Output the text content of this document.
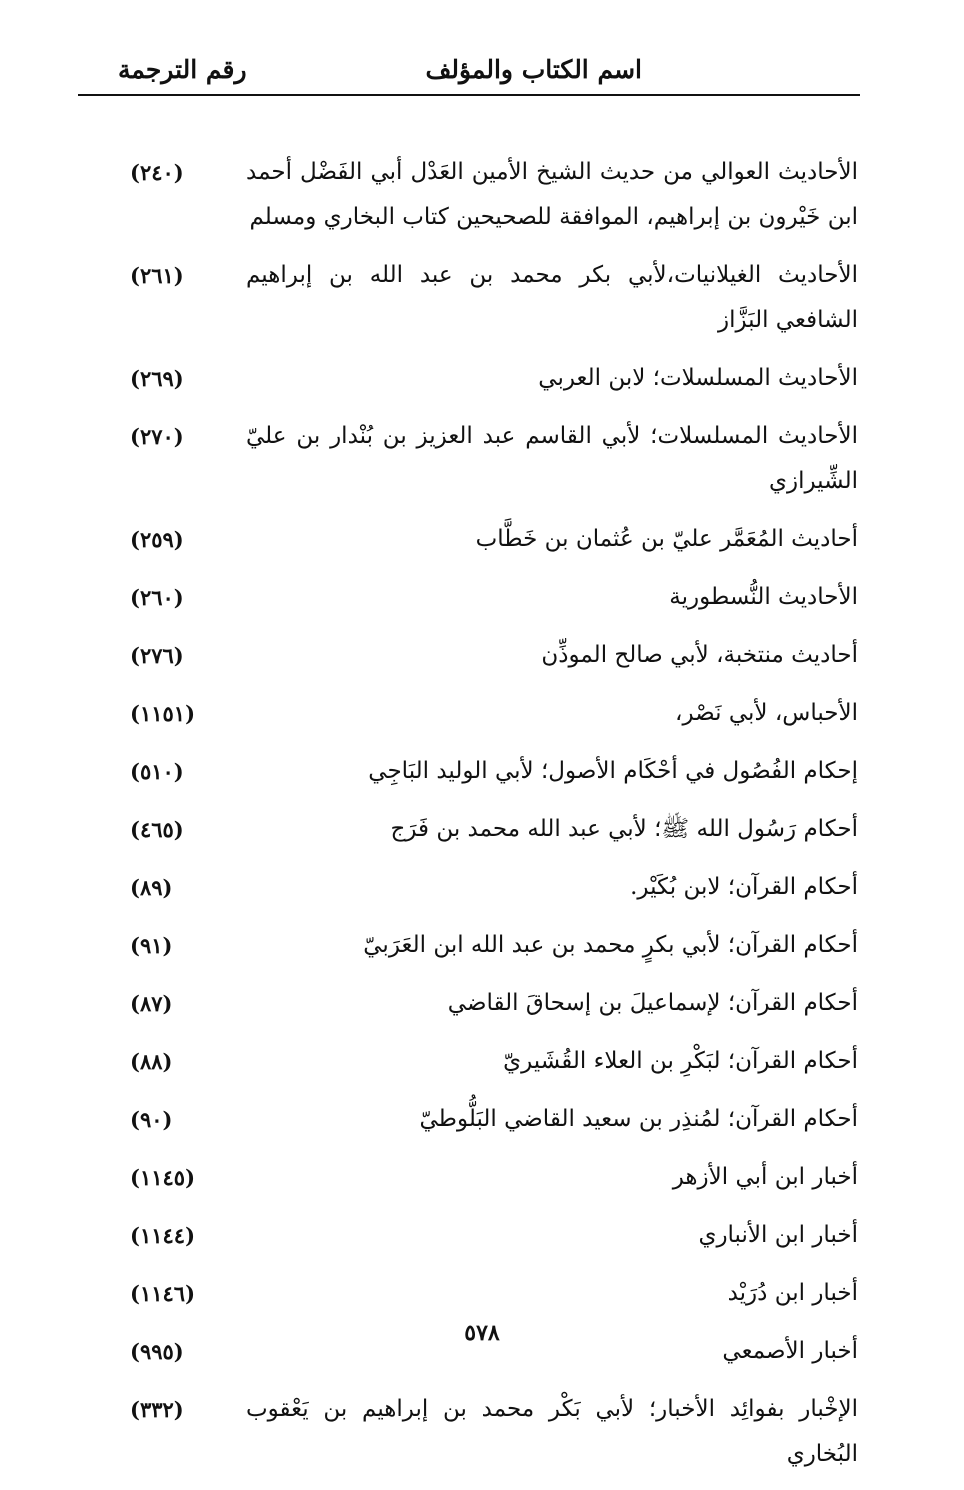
اسم الكتاب والمؤلف
رقم الترجمة
الأحاديث العوالي من حديث الشيخ الأمين العَدْل أبي الفَضْل أحمد ابن خَيْرون بن إبراهيم، الموافقة للصحيحين كتاب البخاري ومسلم
(٢٤٠)
الأحاديث الغيلانيات،لأبي بكر محمد بن عبد الله بن إبراهيم الشافعي البَزَّاز
(٢٦١)
الأحاديث المسلسلات؛ لابن العربي
(٢٦٩)
الأحاديث المسلسلات؛ لأبي القاسم عبد العزيز بن بُنْدار بن عليّ الشِّيرازي
(٢٧٠)
أحاديث المُعَمَّر عليّ بن عُثمان بن خَطَّاب
(٢٥٩)
الأحاديث النُّسطورية
(٢٦٠)
أحاديث منتخبة، لأبي صالح الموذِّن
(٢٧٦)
الأحباس، لأبي نَصْر،
(١١٥١)
إحكام الفُصُول في أحْكَام الأصول؛ لأبي الوليد البَاجِي
(٥١٠)
أحكام رَسُول الله ﷺ؛ لأبي عبد الله محمد بن فَرَج
(٤٦٥)
أحكام القرآن؛ لابن بُكَيْر.
(٨٩)
أحكام القرآن؛ لأبي بكرٍ محمد بن عبد الله ابن العَرَبيّ
(٩١)
أحكام القرآن؛ لإسماعيلَ بن إسحاقَ القاضي
(٨٧)
أحكام القرآن؛ لبَكْرِ بن العلاء القُشَيريّ
(٨٨)
أحكام القرآن؛ لمُنذِر بن سعيد القاضي البَلُّوطيّ
(٩٠)
أخبار ابن أبي الأزهر
(١١٤٥)
أخبار ابن الأنباري
(١١٤٤)
أخبار ابن دُرَيْد
(١١٤٦)
أخبار الأصمعي
(٩٩٥)
الإخْبار بفوائِد الأخبار؛ لأبي بَكْر محمد بن إبراهيم بن يَعْقوب البُخاري
(٣٣٢)
٥٧٨
